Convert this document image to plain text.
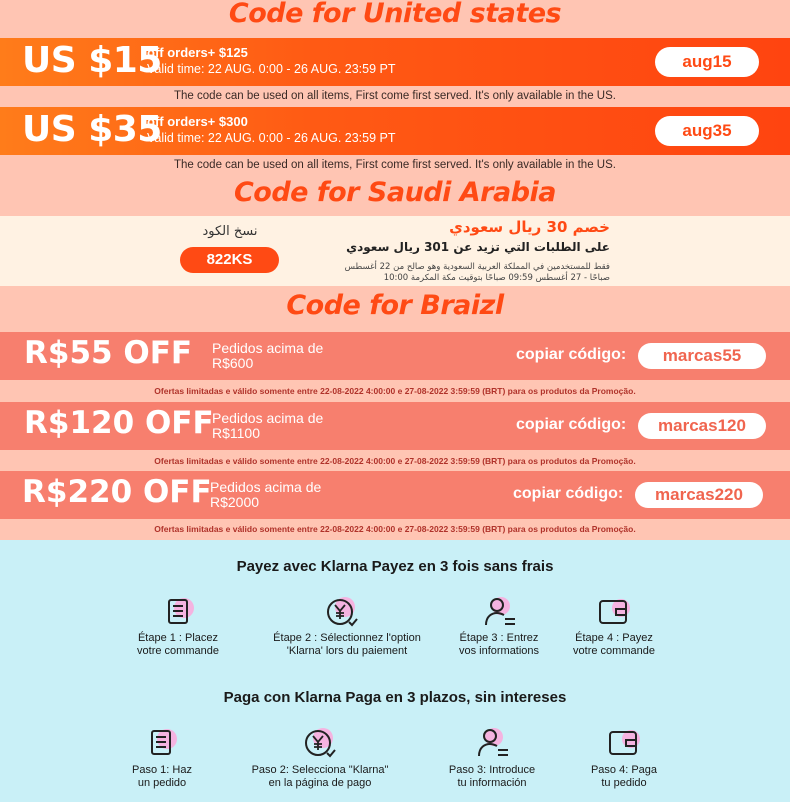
Code for United states
US $15
off orders+ $125
Valid time: 22 AUG. 0:00 - 26 AUG. 23:59 PT	aug15
The code can be used on all items, First come first served. It's only available in the US.
US $35
off orders+ $300
Valid time: 22 AUG. 0:00 - 26 AUG. 23:59 PT	aug35
The code can be used on all items, First come first served. It's only available in the US.
Code for Saudi Arabia
نسخ الكود
822KS
خصم 30 ريال سعودي
على الطلبات التي تزيد عن 301 ريال سعودي
فقط للمستخدمين في المملكة العربية السعودية وهو صالح من 22 أغسطس
صباحًا - 27 أغسطس 09:59 صباحًا بتوقيت مكة المكرمة 10:00
Code for Braizl
R$55 OFF Pedidos acima de
R$600	copiar código:	marcas55
Ofertas limitadas e válido somente entre 22-08-2022 4:00:00 e 27-08-2022 3:59:59 (BRT) para os produtos da Promoção.
R$120 OFF
Pedidos acima de
R$1100	copiar código:	marcas120
Ofertas limitadas e válido somente entre 22-08-2022 4:00:00 e 27-08-2022 3:59:59 (BRT) para os produtos da Promoção.
R$220 OFF
Pedidos acima de
R$2000	copiar código:	marcas220
Ofertas limitadas e válido somente entre 22-08-2022 4:00:00 e 27-08-2022 3:59:59 (BRT) para os produtos da Promoção.
Payez avec Klarna Payez en 3 fois sans frais
Étape 1 : Placez
votre commande
Étape 2 : Sélectionnez l'option
'Klarna' lors du paiement
Étape 3 : Entrez
vos informations
Étape 4 : Payez
votre commande
Paga con Klarna Paga en 3 plazos, sin intereses
Paso 1: Haz
un pedido
Paso 2: Selecciona "Klarna"
en la página de pago
Paso 3: Introduce
tu información
Paso 4: Paga
tu pedido
